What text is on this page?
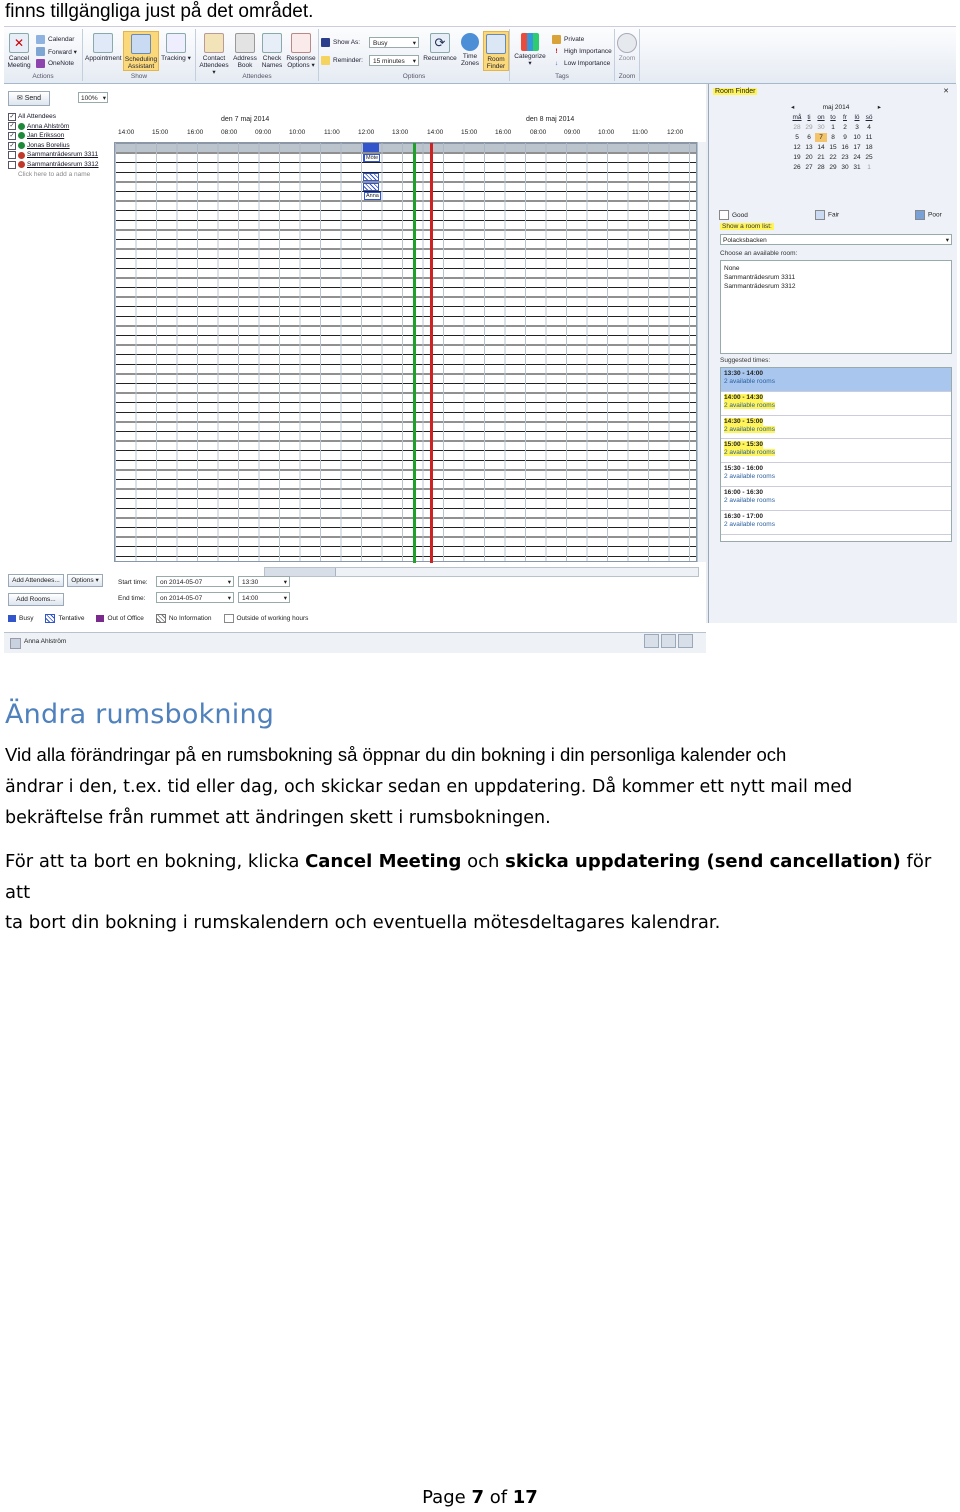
finns tillgängliga just på det området.
✕
Cancel Meeting
Calendar
Forward ▾
OneNote
Actions
Appointment Scheduling Assistant
Tracking ▾
Show
Contact Attendees ▾
Address Book
Check Names
Response Options ▾
Attendees
Show As:	Busy	▾
Reminder:	15 minutes ▾
⟳
Recurrence Time Zones
Room Finder
Options
Categorize ▾
Private
! High Importance
↓ Low Importance
Tags
Zoom
Zoom
✉ Send	100% ▾
✓ All Attendees
✓ Anna Ahlström
✓ Jan Eriksson
✓ Jonas Borelius
Sammanträdesrum 3311
Sammanträdesrum 3312
Click here to add a name
den 7 maj 2014	den 8 maj 2014
14:00	15:00	16:00	08:00	09:00	10:00	11:00	12:00	13:00	14:00	15:00	16:00	08:00	09:00	10:00	11:00	12:00
Möte
Anna
Add Attendees...	Options ▾
Add Rooms...
Start time:	on 2014-05-07	▾	13:30	▾
End time:	on 2014-05-07	▾	14:00	▾
Busy	Tentative	Out of Office	No Information	Outside of working hours
Anna Ahlström
Room Finder	✕
◂	maj 2014	▸
må ti	on to	fr	lö sö
28 29 30	1	2	3	4
5	6	7	8	9	10 11
12 13 14 15 16 17 18
19 20 21 22 23 24 25
26 27 28 29 30 31	1
Good	Fair	Poor
Show a room list:
Polacksbacken	▾
Choose an available room:
None
Sammanträdesrum 3311
Sammanträdesrum 3312
Suggested times:
13:30 - 14:00
2 available rooms
14:00 - 14:30
2 available rooms
14:30 - 15:00
2 available rooms
15:00 - 15:30
2 available rooms
15:30 - 16:00
2 available rooms
16:00 - 16:30
2 available rooms
16:30 - 17:00
2 available rooms
Ändra rumsbokning

Vid alla förändringar på en rumsbokning så öppnar du din bokning i din personliga kalender och
ändrar i den, t.ex. tid eller dag, och skickar sedan en uppdatering. Då kommer ett nytt mail med
bekräftelse från rummet att ändringen skett i rumsbokningen.

För att ta bort en bokning, klicka Cancel Meeting och skicka uppdatering (send cancellation) för att
ta bort din bokning i rumskalendern och eventuella mötesdeltagares kalendrar.

Page 7 of 17
